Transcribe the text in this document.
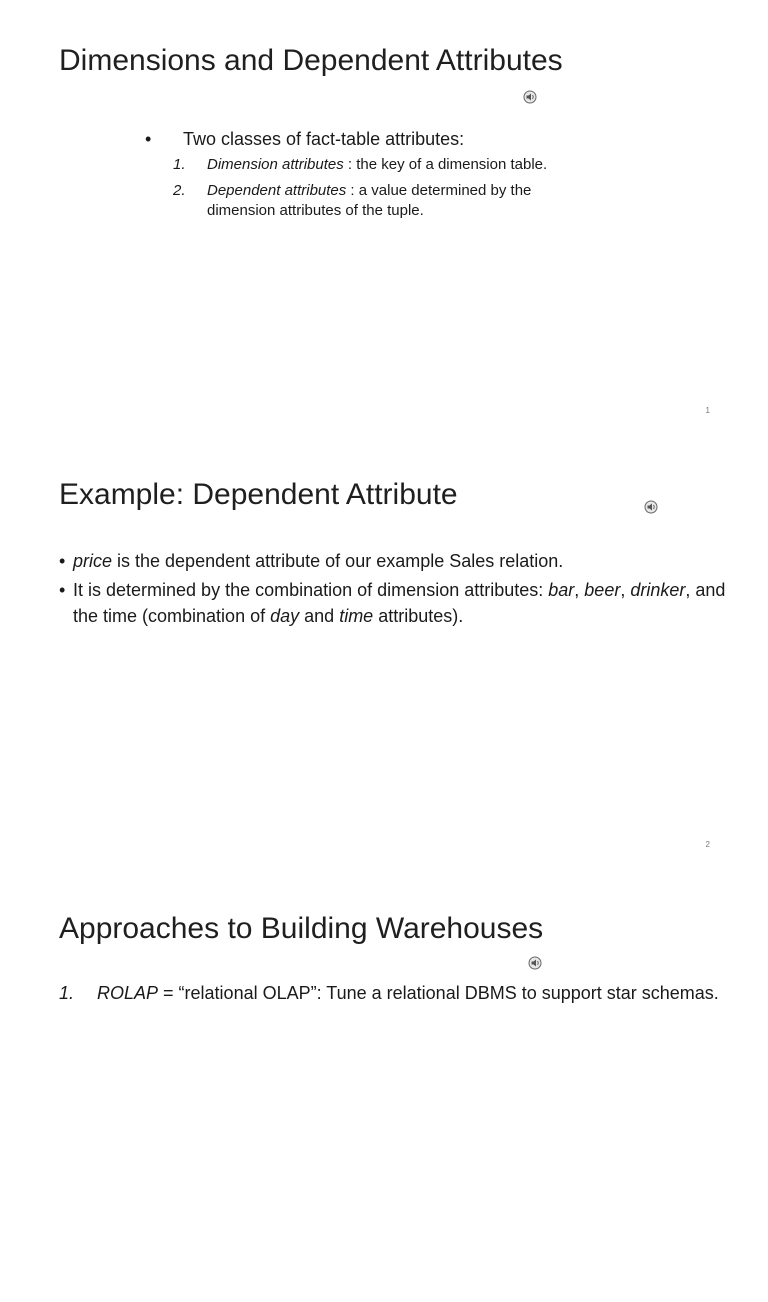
Dimensions and Dependent Attributes
• Two classes of fact-table attributes:
1. Dimension attributes : the key of a dimension table.
2. Dependent attributes : a value determined by the
dimension attributes of the tuple.
1
Example: Dependent Attribute
• price is the dependent attribute of our example Sales relation.
• It is determined by the combination of dimension attributes: bar, beer, drinker, and the time (combination of day and time attributes).
2
Approaches to Building Warehouses
1.	ROLAP = “relational OLAP”: Tune a relational DBMS to support star schemas.
